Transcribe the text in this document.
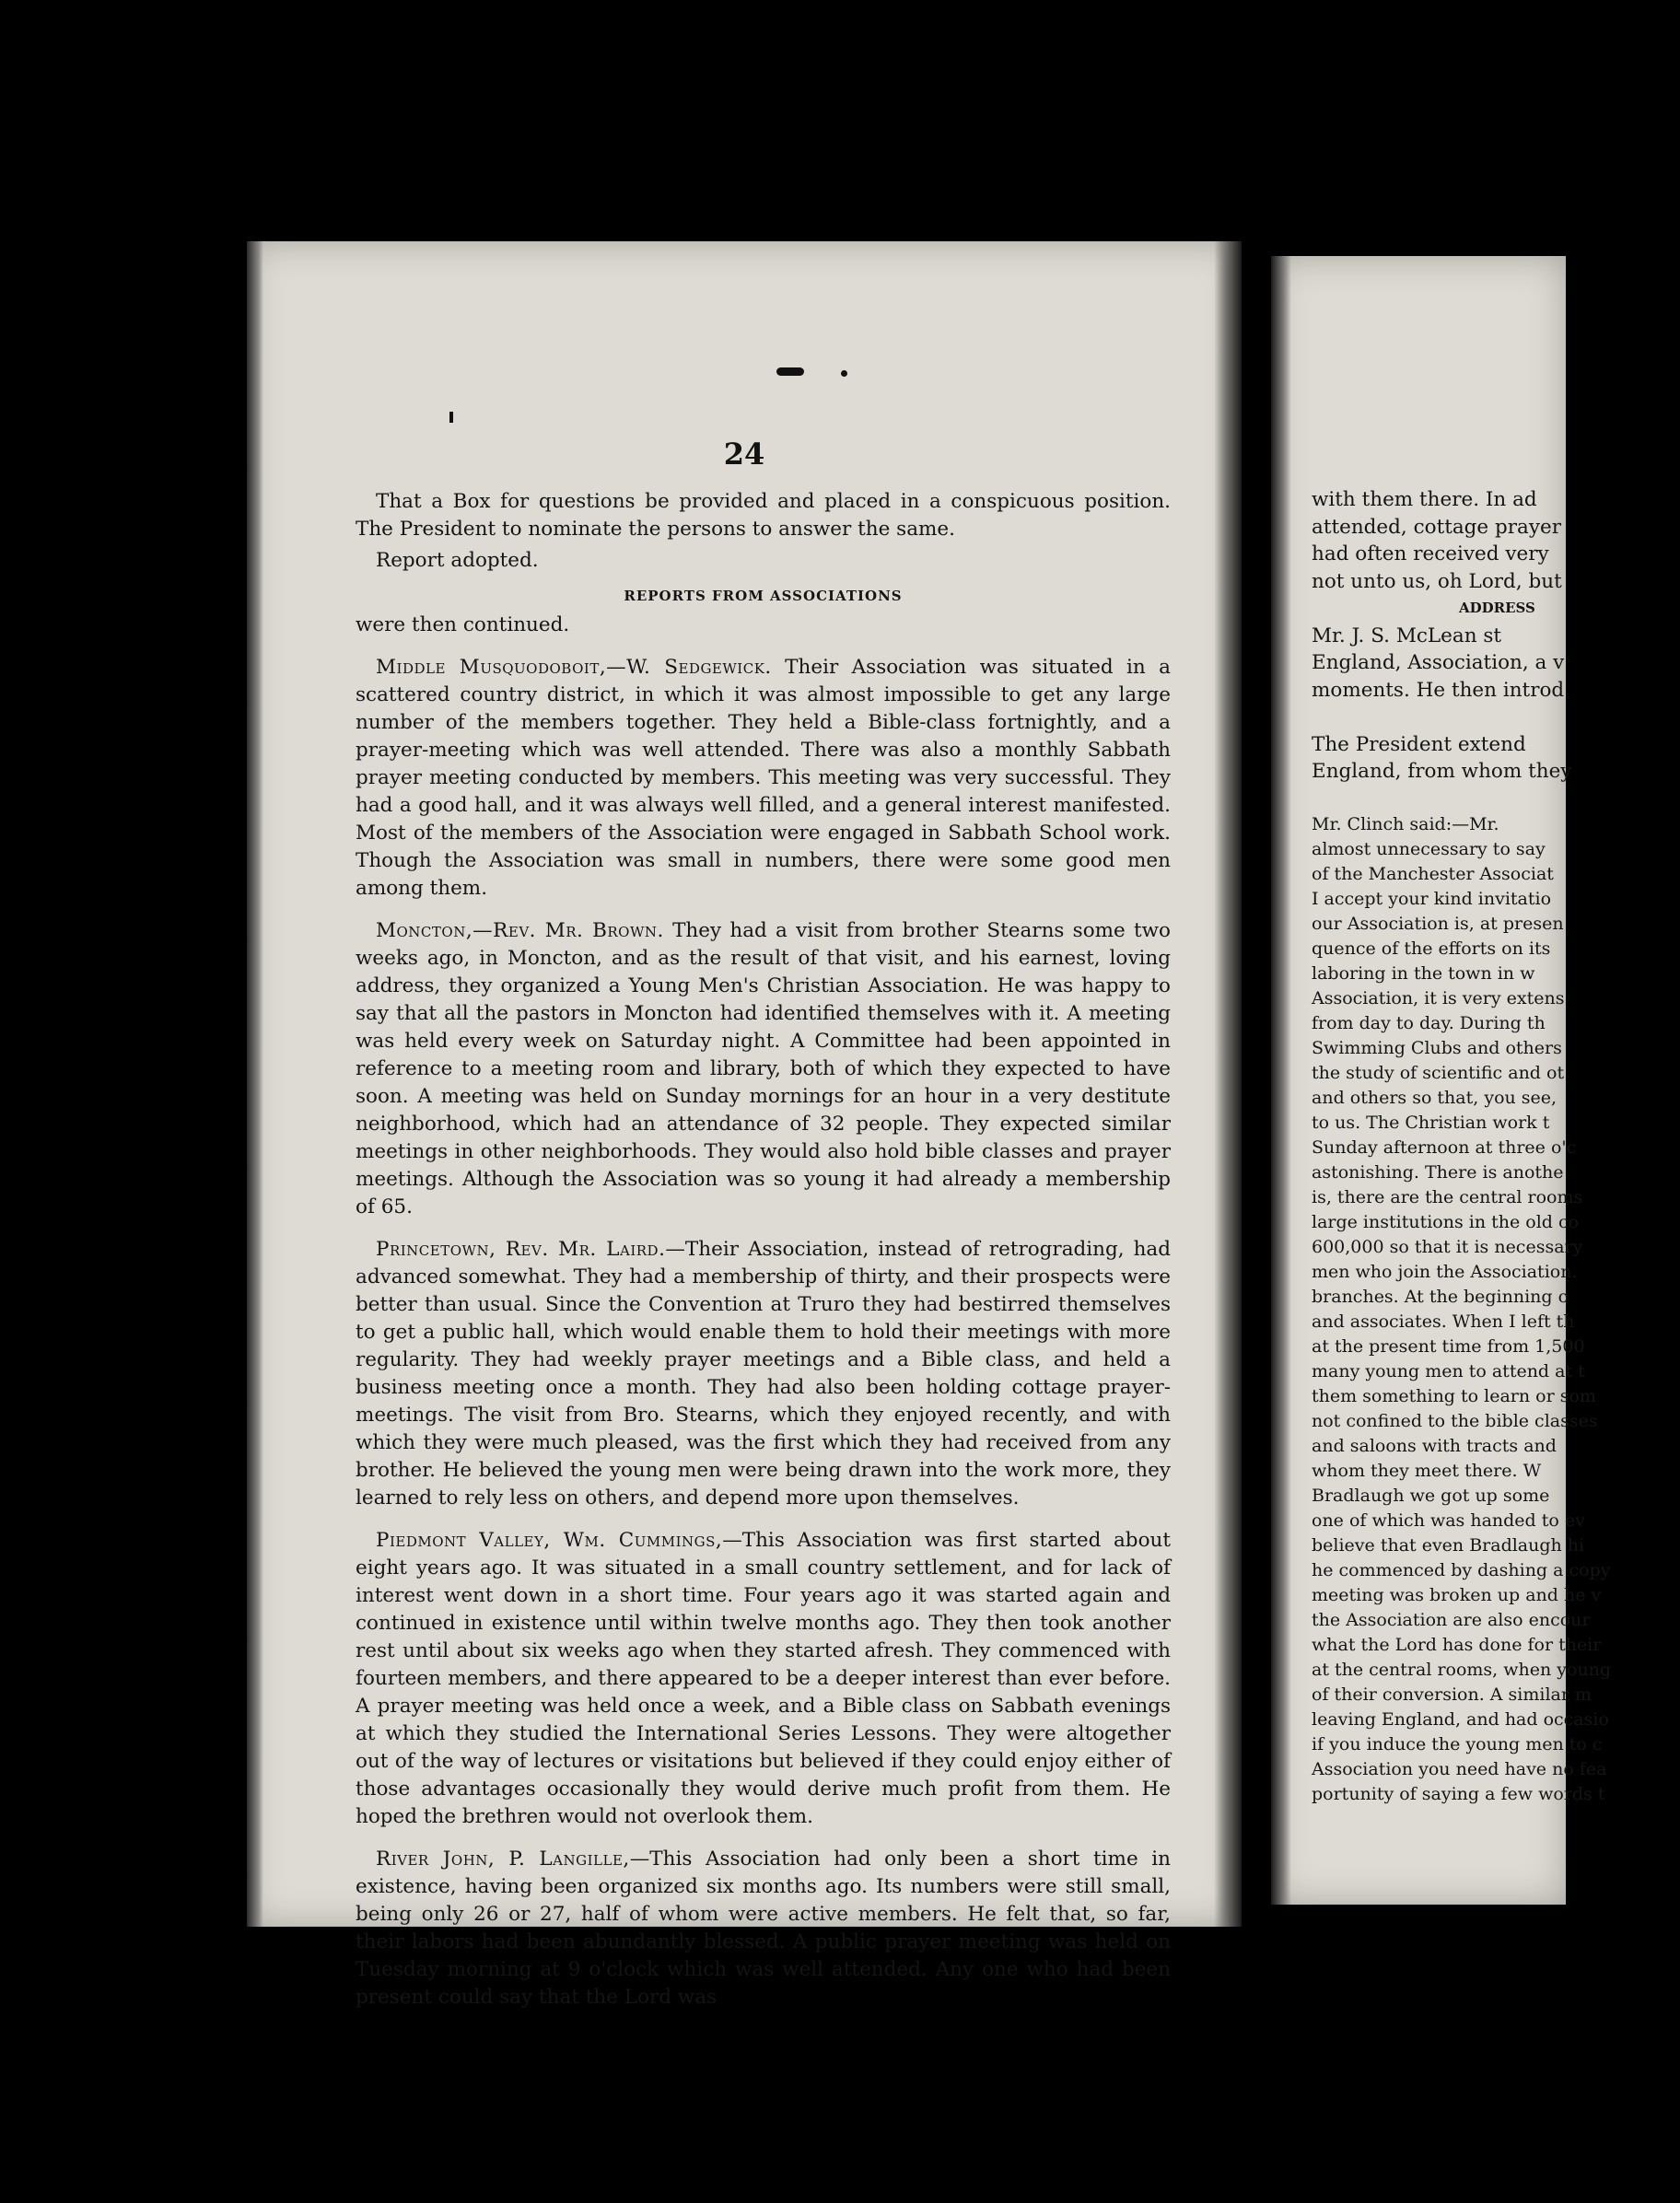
24

That a Box for questions be provided and placed in a conspicuous position. The President to nominate the persons to answer the same.

Report adopted.

REPORTS FROM ASSOCIATIONS

were then continued.

Middle Musquodoboit,—W. Sedgewick. Their Association was situated in a scattered country district, in which it was almost impossible to get any large number of the members together. They held a Bible-class fortnightly, and a prayer-meeting which was well attended. There was also a monthly Sabbath prayer meeting conducted by members. This meeting was very successful. They had a good hall, and it was always well filled, and a general interest manifested. Most of the members of the Association were engaged in Sabbath School work. Though the Association was small in numbers, there were some good men among them.

Moncton,—Rev. Mr. Brown. They had a visit from brother Stearns some two weeks ago, in Moncton, and as the result of that visit, and his earnest, loving address, they organized a Young Men's Christian Association. He was happy to say that all the pastors in Moncton had identified themselves with it. A meeting was held every week on Saturday night. A Committee had been appointed in reference to a meeting room and library, both of which they expected to have soon. A meeting was held on Sunday mornings for an hour in a very destitute neighborhood, which had an attendance of 32 people. They expected similar meetings in other neighborhoods. They would also hold bible classes and prayer meetings. Although the Association was so young it had already a membership of 65.

Princetown, Rev. Mr. Laird.—Their Association, instead of retrograding, had advanced somewhat. They had a membership of thirty, and their prospects were better than usual. Since the Convention at Truro they had bestirred themselves to get a public hall, which would enable them to hold their meetings with more regularity. They had weekly prayer meetings and a Bible class, and held a business meeting once a month. They had also been holding cottage prayer-meetings. The visit from Bro. Stearns, which they enjoyed recently, and with which they were much pleased, was the first which they had received from any brother. He believed the young men were being drawn into the work more, they learned to rely less on others, and depend more upon themselves.

Piedmont Valley, Wm. Cummings,—This Association was first started about eight years ago. It was situated in a small country settlement, and for lack of interest went down in a short time. Four years ago it was started again and continued in existence until within twelve months ago. They then took another rest until about six weeks ago when they started afresh. They commenced with fourteen members, and there appeared to be a deeper interest than ever before. A prayer meeting was held once a week, and a Bible class on Sabbath evenings at which they studied the International Series Lessons. They were altogether out of the way of lectures or visitations but believed if they could enjoy either of those advantages occasionally they would derive much profit from them. He hoped the brethren would not overlook them.

River John, P. Langille,—This Association had only been a short time in existence, having been organized six months ago. Its numbers were still small, being only 26 or 27, half of whom were active members. He felt that, so far, their labors had been abundantly blessed. A public prayer meeting was held on Tuesday morning at 9 o'clock which was well attended. Any one who had been present could say that the Lord was

with them there. In ad
attended, cottage prayer
had often received very
not unto us, oh Lord, but
ADDRESS
Mr. J. S. McLean st
England, Association, a v
moments. He then introd

The President extend
England, from whom they

Mr. Clinch said:—Mr.
almost unnecessary to say
of the Manchester Associat
I accept your kind invitatio
our Association is, at presen
quence of the efforts on its
laboring in the town in w
Association, it is very extens
from day to day. During th
Swimming Clubs and others
the study of scientific and ot
and others so that, you see,
to us. The Christian work t
Sunday afternoon at three o'c
astonishing. There is anothe
is, there are the central rooms
large institutions in the old co
600,000 so that it is necessary
men who join the Association.
branches. At the beginning o
and associates. When I left th
at the present time from 1,500
many young men to attend at t
them something to learn or som
not confined to the bible classes
and saloons with tracts and
whom they meet there. W
Bradlaugh we got up some
one of which was handed to ev
believe that even Bradlaugh hi
he commenced by dashing a copy
meeting was broken up and he v
the Association are also encour
what the Lord has done for their
at the central rooms, when young
of their conversion. A similar m
leaving England, and had occasio
if you induce the young men to c
Association you need have no fea
portunity of saying a few words t
